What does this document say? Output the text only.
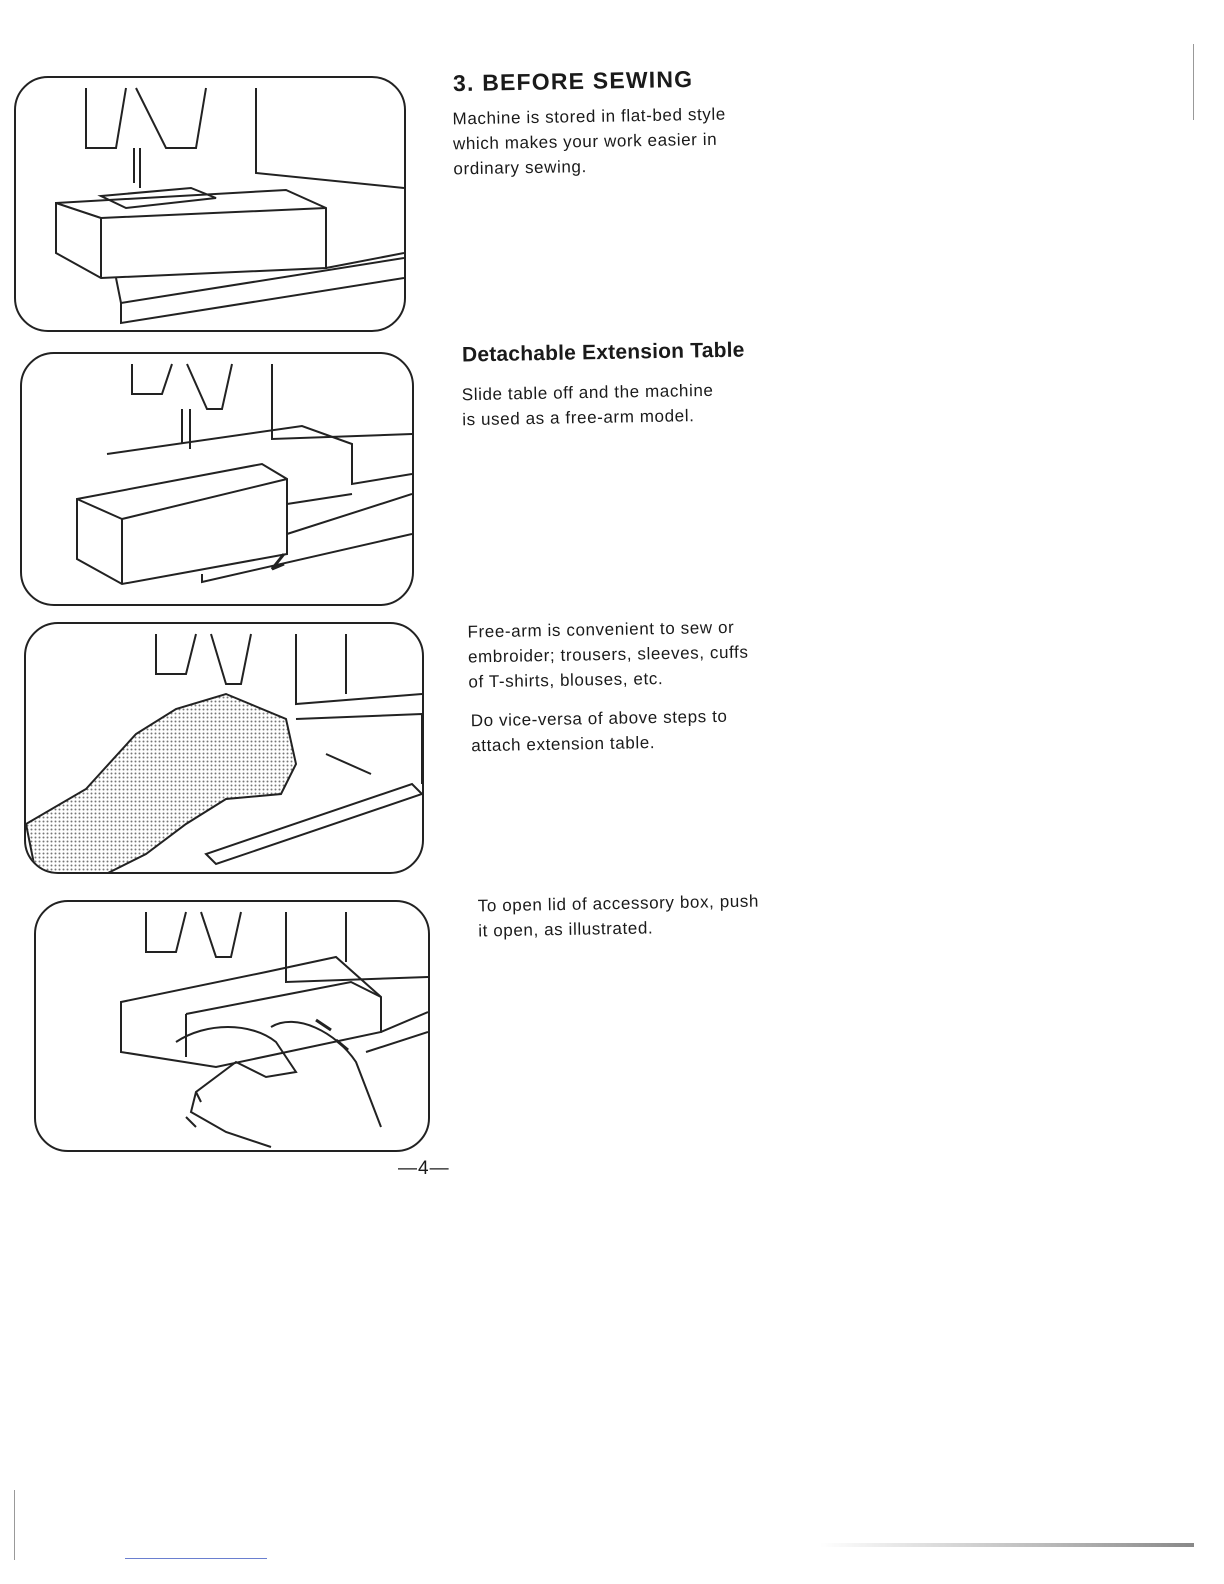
3. BEFORE SEWING
Machine is stored in flat-bed style
which makes your work easier in
ordinary sewing.
Detachable Extension Table
Slide table off and the machine
is used as a free-arm model.
Free-arm is convenient to sew or
embroider; trousers, sleeves, cuffs
of T-shirts, blouses, etc.
Do vice-versa of above steps to
attach extension table.
To open lid of accessory box, push
it open, as illustrated.
—4—
